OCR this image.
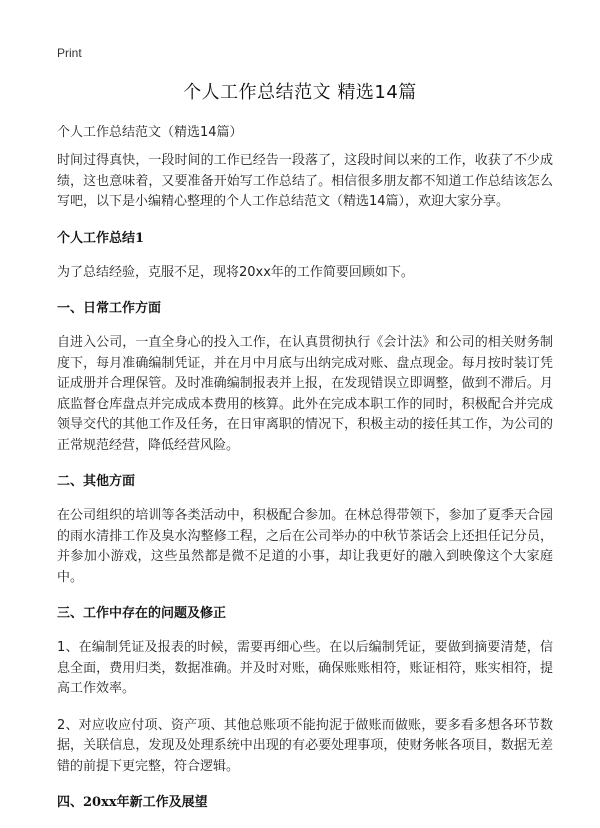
Print
个人工作总结范文 精选14篇
个人工作总结范文（精选14篇）

时间过得真快，一段时间的工作已经告一段落了，这段时间以来的工作，收获了不少成绩，这也意味着，又要准备开始写工作总结了。相信很多朋友都不知道工作总结该怎么写吧，以下是小编精心整理的个人工作总结范文（精选14篇），欢迎大家分享。

个人工作总结1

为了总结经验，克服不足，现将20xx年的工作简要回顾如下。

一、日常工作方面

自进入公司，一直全身心的投入工作，在认真贯彻执行《会计法》和公司的相关财务制度下，每月准确编制凭证，并在月中月底与出纳完成对账、盘点现金。每月按时装订凭证成册并合理保管。及时准确编制报表并上报，在发现错误立即调整，做到不滞后。月底监督仓库盘点并完成成本费用的核算。此外在完成本职工作的同时，积极配合并完成领导交代的其他工作及任务，在日审离职的情况下，积极主动的接任其工作，为公司的正常规范经营，降低经营风险。

二、其他方面

在公司组织的培训等各类活动中，积极配合参加。在林总得带领下，参加了夏季天合园的雨水清排工作及臭水沟整修工程，之后在公司举办的中秋节茶话会上还担任记分员，并参加小游戏，这些虽然都是微不足道的小事，却让我更好的融入到映像这个大家庭中。

三、工作中存在的问题及修正

1、在编制凭证及报表的时候，需要再细心些。在以后编制凭证，要做到摘要清楚，信息全面，费用归类，数据准确。并及时对账，确保账账相符，账证相符，账实相符，提高工作效率。

2、对应收应付项、资产项、其他总账项不能拘泥于做账而做账，要多看多想各环节数据，关联信息，发现及处理系统中出现的有必要处理事项，使财务帐各项目，数据无差错的前提下更完整，符合逻辑。

四、20xx年新工作及展望
